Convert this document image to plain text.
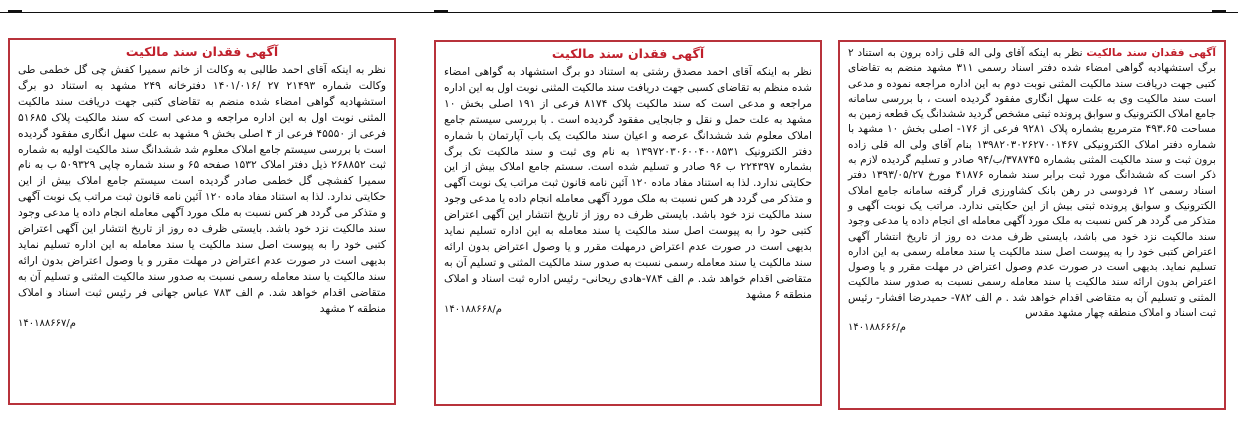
آگهی فقدان سند مالکیت
نظر به اینکه آقای احمد طالبی به وکالت از خانم سمیرا کفش چی گل خطمی طی وکالت شماره ۲۱۴۹۳ ۲۷ /۱۴۰۱/۰۱۶ دفترخانه ۲۴۹ مشهد به استناد دو برگ استشهادیه گواهی امضاء شده منضم به تقاضای کتبی جهت دریافت سند مالکیت المثنی نوبت اول به این اداره مراجعه و مدعی است که سند مالکیت پلاک ۵۱۶۸۵ فرعی از ۴۵۵۵۰ فرعی از ۴ اصلی بخش ۹ مشهد به علت سهل انگاری مفقود گردیده است با بررسی سیستم جامع املاک معلوم شد ششدانگ سند مالکیت اولیه به شماره ثبت ۲۶۸۸۵۲ ذیل دفتر املاک ۱۵۳۲ صفحه ۶۵ و سند شماره چاپی ۵۰۹۳۲۹ ب به نام سمیرا کفشچی گل خطمی صادر گردیده است سیستم جامع املاک بیش از این حکایتی ندارد. لذا به استناد مفاد ماده ۱۲۰ آئین نامه قانون ثبت مراتب یک نوبت آگهی و متذکر می گردد هر کس نسبت به ملک مورد آگهی معامله انجام داده یا مدعی وجود سند مالکیت نزد خود باشد. بایستی ظرف ده روز از تاریخ انتشار این آگهی اعتراض کتبی خود را به پیوست اصل سند مالکیت یا سند معامله به این اداره تسلیم نماید بدیهی است در صورت عدم اعتراض در مهلت مقرر و یا وصول اعتراض بدون ارائه سند مالکیت یا سند معامله رسمی نسبت به صدور سند مالکیت المثنی و تسلیم آن به متقاضی اقدام خواهد شد. م الف ۷۸۳ عباس جهانی فر رئیس ثبت اسناد و املاک منطقه ۲ مشهد
۱۴۰۱۸۸۶۶۷/م
آگهی فقدان سند مالکیت
نظر به اینکه آقای احمد مصدق رشتی به استناد دو برگ استشهاد به گواهی امضاء شده منظم به تقاضای کسبی جهت دریافت سند مالکیت المثنی نوبت اول به این اداره مراجعه و مدعی است که سند مالکیت پلاک ۸۱۷۴ فرعی از ۱۹۱ اصلی بخش ۱۰ مشهد به علت حمل و نقل و جابجایی مفقود گردیده است . با بررسی سیستم جامع املاک معلوم شد ششدانگ عرصه و اعیان سند مالکیت یک باب آپارتمان با شماره دفتر الکترونیک ۱۳۹۷۲۰۳۰۶۰۰۴۰۰۸۵۳۱ به نام وی ثبت و سند مالکیت تک برگ بشماره ۲۲۴۳۹۷ ب ۹۶ صادر و تسلیم شده است. سستم جامع املاک بیش از این حکایتی ندارد. لذا به استناد مفاد ماده ۱۲۰ آئین نامه قانون ثبت مراتب یک نوبت آگهی و متذکر می گردد هر کس نسبت به ملک مورد آگهی معامله انجام داده یا مدعی وجود سند مالکیت نزد خود باشد. بایستی ظرف ده روز از تاریخ انتشار این آگهی اعتراض کتبی حود را به پیوست اصل سند مالکیت یا سند معامله به این اداره تسلیم نماید بدیهی است در صورت عدم اعتراض درمهلت مقرر و یا وصول اعتراض بدون ارائه سند مالکیت یا سند معامله رسمی نسبت به صدور سند مالکیت المثنی و تسلیم آن به متقاضی اقدام خواهد شد. م الف ۷۸۴-هادی ریحانی- رئیس اداره ثبت اسناد و املاک منطقه ۶ مشهد
۱۴۰۱۸۸۶۶۸/م
آگهی فقدان سند مالکیت نظر به اینکه آقای ولی اله قلی زاده برون به استناد ۲ برگ استشهادیه گواهی امضاء شده دفتر اسناد رسمی ۳۱۱ مشهد منضم به تقاضای کتبی جهت دریافت سند مالکیت المثنی نوبت دوم به این اداره مراجعه نموده و مدعی است سند مالکیت وی به علت سهل انگاری مفقود گردیده است ، با بررسی سامانه جامع املاک الکترونیک و سوابق پرونده ثبتی مشخص گردید ششدانگ یک قطعه زمین به مساحت ۴۹۳.۶۵ مترمربع بشماره پلاک ۹۲۸۱ فرعی از ۱۷۶- اصلی بخش ۱۰ مشهد با شماره دفتر املاک الکترونیکی ۱۳۹۸۲۰۳۰۲۶۲۷۰۰۱۴۶۷ بنام آقای ولی اله قلی زاده برون ثبت و سند مالکیت المثنی بشماره ۳۷۸۷۴۵/ب/۹۴ صادر و تسلیم گردیده لازم به ذکر است که ششدانگ مورد ثبت برابر سند شماره ۴۱۸۷۶ مورخ ۱۳۹۳/۰۵/۲۷ دفتر اسناد رسمی ۱۲ فردوسی در رهن بانک کشاورزی قرار گرفته سامانه جامع املاک الکترونیک و سوابق پرونده ثبتی بیش از این حکایتی ندارد. مراتب یک نوبت آگهی و متذکر می گردد هر کس نسبت به ملک مورد آگهی معامله ای انجام داده یا مدعی وجود سند مالکیت نزد خود می باشد، بایستی ظرف مدت ده روز از تاریخ انتشار آگهی اعتراض کتبی خود را به پیوست اصل سند مالکیت یا سند معامله رسمی به این اداره تسلیم نماید. بدیهی است در صورت عدم وصول اعتراض در مهلت مقرر و یا وصول اعتراض بدون ارائه سند مالکیت یا سند معامله رسمی نسبت به صدور سند مالکیت المثنی و تسلیم آن به متقاضی اقدام خواهد شد . م الف ۷۸۲- حمیدرضا افشار- رئیس ثبت اسناد و املاک منطقه چهار مشهد مقدس
۱۴۰۱۸۸۶۶۶/م
